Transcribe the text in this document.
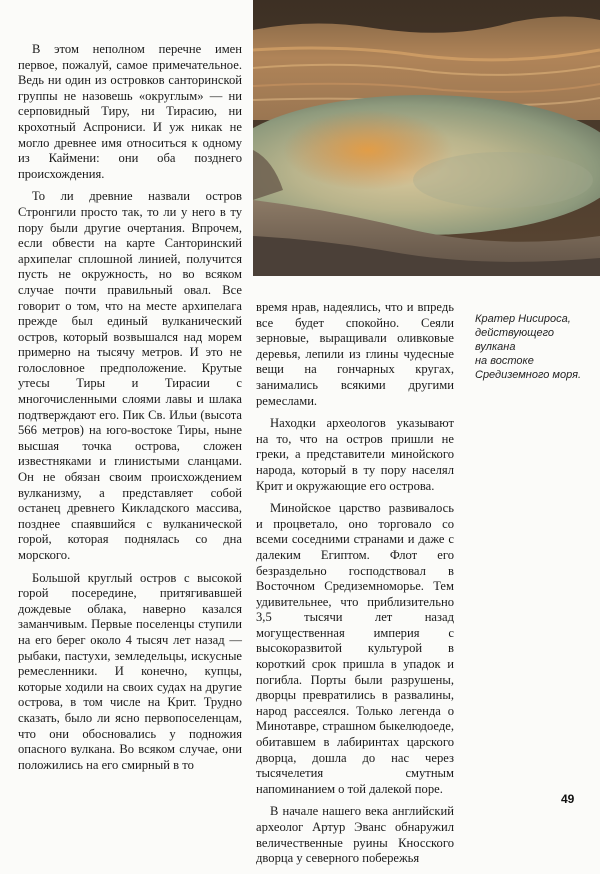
В этом неполном перечне имен первое, пожалуй, самое примечательное. Ведь ни один из островков санторинской группы не назовешь «округлым» — ни серповидный Тиру, ни Тирасию, ни крохотный Аспрониси. И уж никак не могло древнее имя относиться к одному из Каймени: они оба позднего происхождения.

То ли древние назвали остров Стронгили просто так, то ли у него в ту пору были другие очертания. Впрочем, если обвести на карте Санторинский архипелаг сплошной линией, получится пусть не окружность, но во всяком случае почти правильный овал. Все говорит о том, что на месте архипелага прежде был единый вулканический остров, который возвышался над морем примерно на тысячу метров. И это не голословное предположение. Крутые утесы Тиры и Тирасии с многочисленными слоями лавы и шлака подтверждают его. Пик Св. Ильи (высота 566 метров) на юго-востоке Тиры, ныне высшая точка острова, сложен известняками и глинистыми сланцами. Он не обязан своим происхождением вулканизму, а представляет собой останец древнего Кикладского массива, позднее спаявшийся с вулканической горой, которая поднялась со дна морского.

Большой круглый остров с высокой горой посередине, притягивавшей дождевые облака, наверно казался заманчивым. Первые поселенцы ступили на его берег около 4 тысяч лет назад — рыбаки, пастухи, земледельцы, искусные ремесленники. И конечно, купцы, которые ходили на своих судах на другие острова, в том числе на Крит. Трудно сказать, было ли ясно первопоселенцам, что они обосновались у подножия опасного вулкана. Во всяком случае, они положились на его смирный в то

время нрав, надеялись, что и впредь все будет спокойно. Сеяли зерновые, выращивали оливковые деревья, лепили из глины чудесные вещи на гончарных кругах, занимались всякими другими ремеслами.

Находки археологов указывают на то, что на остров пришли не греки, а представители минойского народа, который в ту пору населял Крит и окружающие его острова.

Минойское царство развивалось и процветало, оно торговало со всеми соседними странами и даже с далеким Египтом. Флот его безраздельно господствовал в Восточном Средиземноморье. Тем удивительнее, что приблизительно 3,5 тысячи лет назад могущественная империя с высокоразвитой культурой в короткий срок пришла в упадок и погибла. Порты были разрушены, дворцы превратились в развалины, народ рассеялся. Только легенда о Минотавре, страшном быкелюдоеде, обитавшем в лабиринтах царского дворца, дошла до нас через тысячелетия смутным напоминанием о той далекой поре.

В начале нашего века английский археолог Артур Эванс обнаружил величественные руины Кносского дворца у северного побережья

Кратер Нисироса,
действующего
вулкана
на востоке
Средиземного моря.
49
